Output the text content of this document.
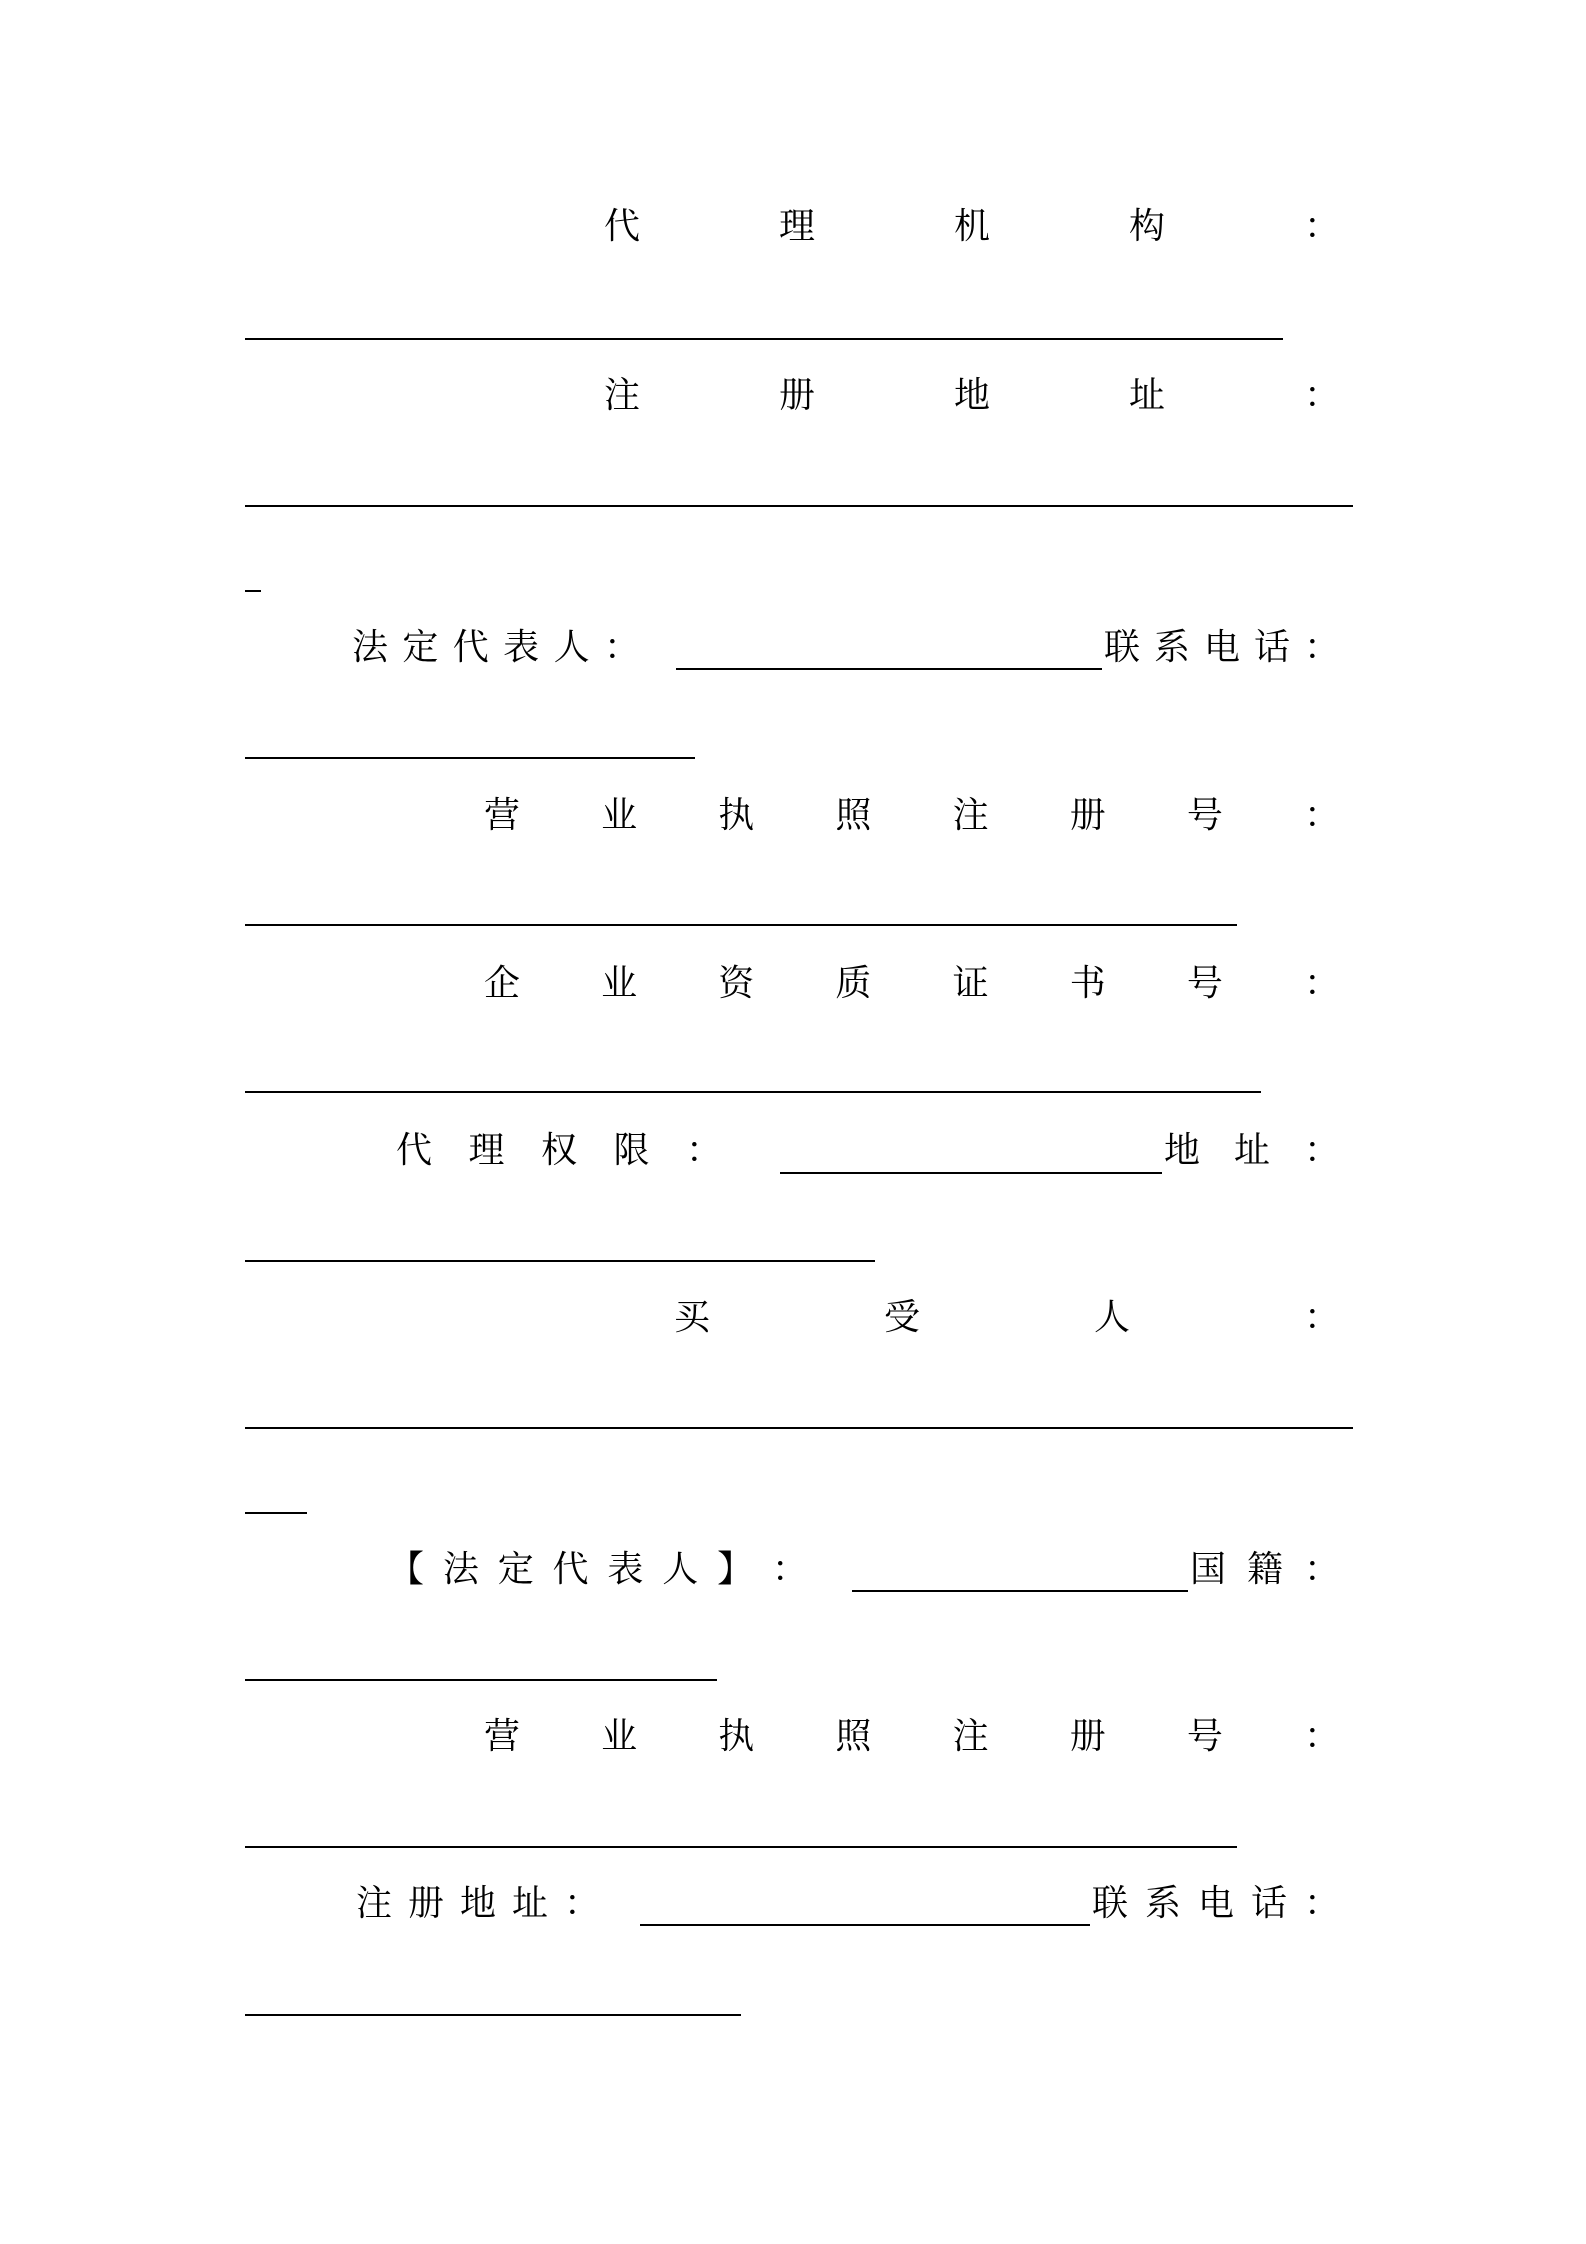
代	理	机	构	：
注	册	地	址	：
法 定 代 表 人 ：	联 系 电 话 ：
营 业 执 照 注 册 号 ：
企 业 资 质 证 书 号 ：
代 理 权 限 ：	地 址 ：
买	受	人	：
【 法 定 代 表 人 】 ：	国 籍 ：
营 业 执 照 注 册 号 ：
注 册 地 址 ：	联 系 电 话 ：
